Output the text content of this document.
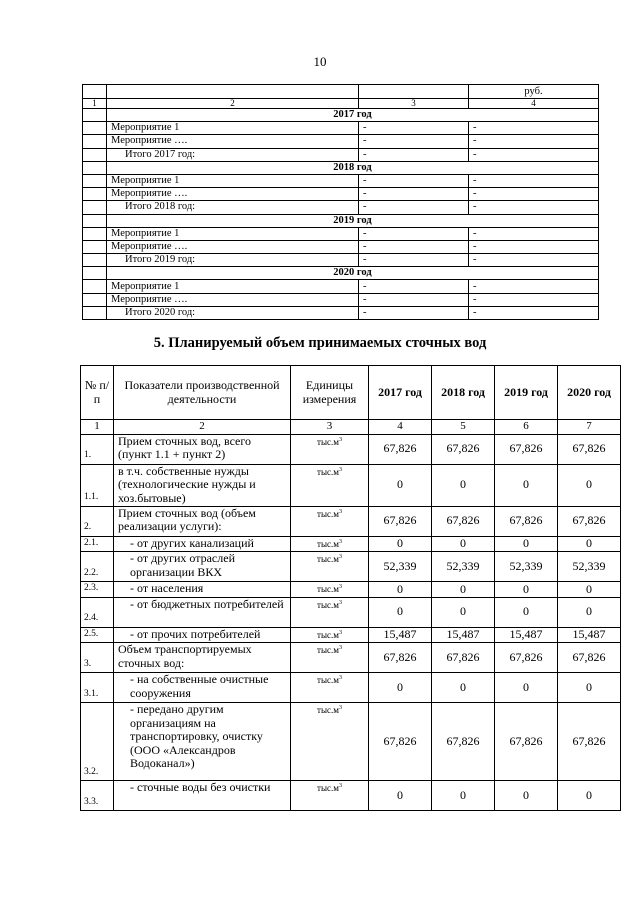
10
			руб.
1	2	3	4
	2017 год		
	Мероприятие 1	-	-
	Мероприятие ….	-	-
	Итого 2017 год:	-	-
	2018 год		
	Мероприятие 1	-	-
	Мероприятие ….	-	-
	Итого 2018 год:	-	-
	2019 год		
	Мероприятие 1	-	-
	Мероприятие ….	-	-
	Итого 2019 год:	-	-
	2020 год		
	Мероприятие 1	-	-
	Мероприятие ….	-	-
	Итого 2020 год:	-	-
5. Планируемый объем принимаемых сточных вод
№ п/п	Показатели производственной деятельности	Единицы измерения	2017 год	2018 год	2019 год	2020 год
1	2	3	4	5	6	7
1.	Прием сточных вод, всего (пункт 1.1 + пункт 2)	$тыс.м^3$	67,826	67,826	67,826	67,826
1.1.	в т.ч. собственные нужды (технологические нужды и хоз.бытовые)	$тыс.м^3$	0	0	0	0
2.	Прием сточных вод (объем реализации услуги):	$тыс.м^3$	67,826	67,826	67,826	67,826
2.1.	- от других канализаций	$тыс.м^3$	0	0	0	0
2.2.	- от других отраслей организации ВКХ	$тыс.м^3$	52,339	52,339	52,339	52,339
2.3.	- от населения	$тыс.м^3$	0	0	0	0
2.4.	- от бюджетных потребителей	$тыс.м^3$	0	0	0	0
2.5.	- от прочих потребителей	$тыс.м^3$	15,487	15,487	15,487	15,487
3.	Объем транспортируемых сточных вод:	$тыс.м^3$	67,826	67,826	67,826	67,826
3.1.	- на собственные очистные сооружения	$тыс.м^3$	0	0	0	0
3.2.	- передано другим организациям на транспортировку, очистку (ООО «Александров Водоканал»)	$тыс.м^3$	67,826	67,826	67,826	67,826
3.3.	- сточные воды без очистки	$тыс.м^3$	0	0	0	0
